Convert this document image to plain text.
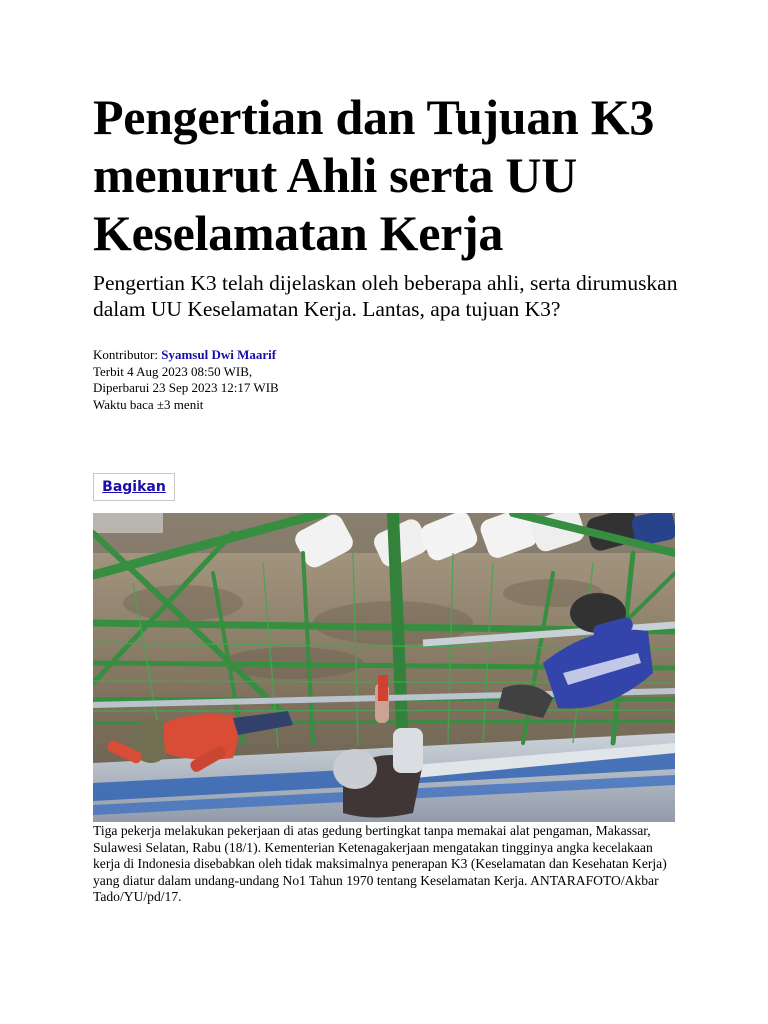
Pengertian dan Tujuan K3 menurut Ahli serta UU Keselamatan Kerja

Pengertian K3 telah dijelaskan oleh beberapa ahli, serta dirumuskan dalam UU Keselamatan Kerja. Lantas, apa tujuan K3?

Kontributor: Syamsul Dwi Maarif
Terbit 4 Aug 2023 08:50 WIB,
Diperbarui 23 Sep 2023 12:17 WIB
Waktu baca ±3 menit
Bagikan

Tiga pekerja melakukan pekerjaan di atas gedung bertingkat tanpa memakai alat pengaman, Makassar, Sulawesi Selatan, Rabu (18/1). Kementerian Ketenagakerjaan mengatakan tingginya angka kecelakaan kerja di Indonesia disebabkan oleh tidak maksimalnya penerapan K3 (Keselamatan dan Kesehatan Kerja) yang diatur dalam undang-undang No1 Tahun 1970 tentang Keselamatan Kerja. ANTARAFOTO/Akbar Tado/YU/pd/17.
